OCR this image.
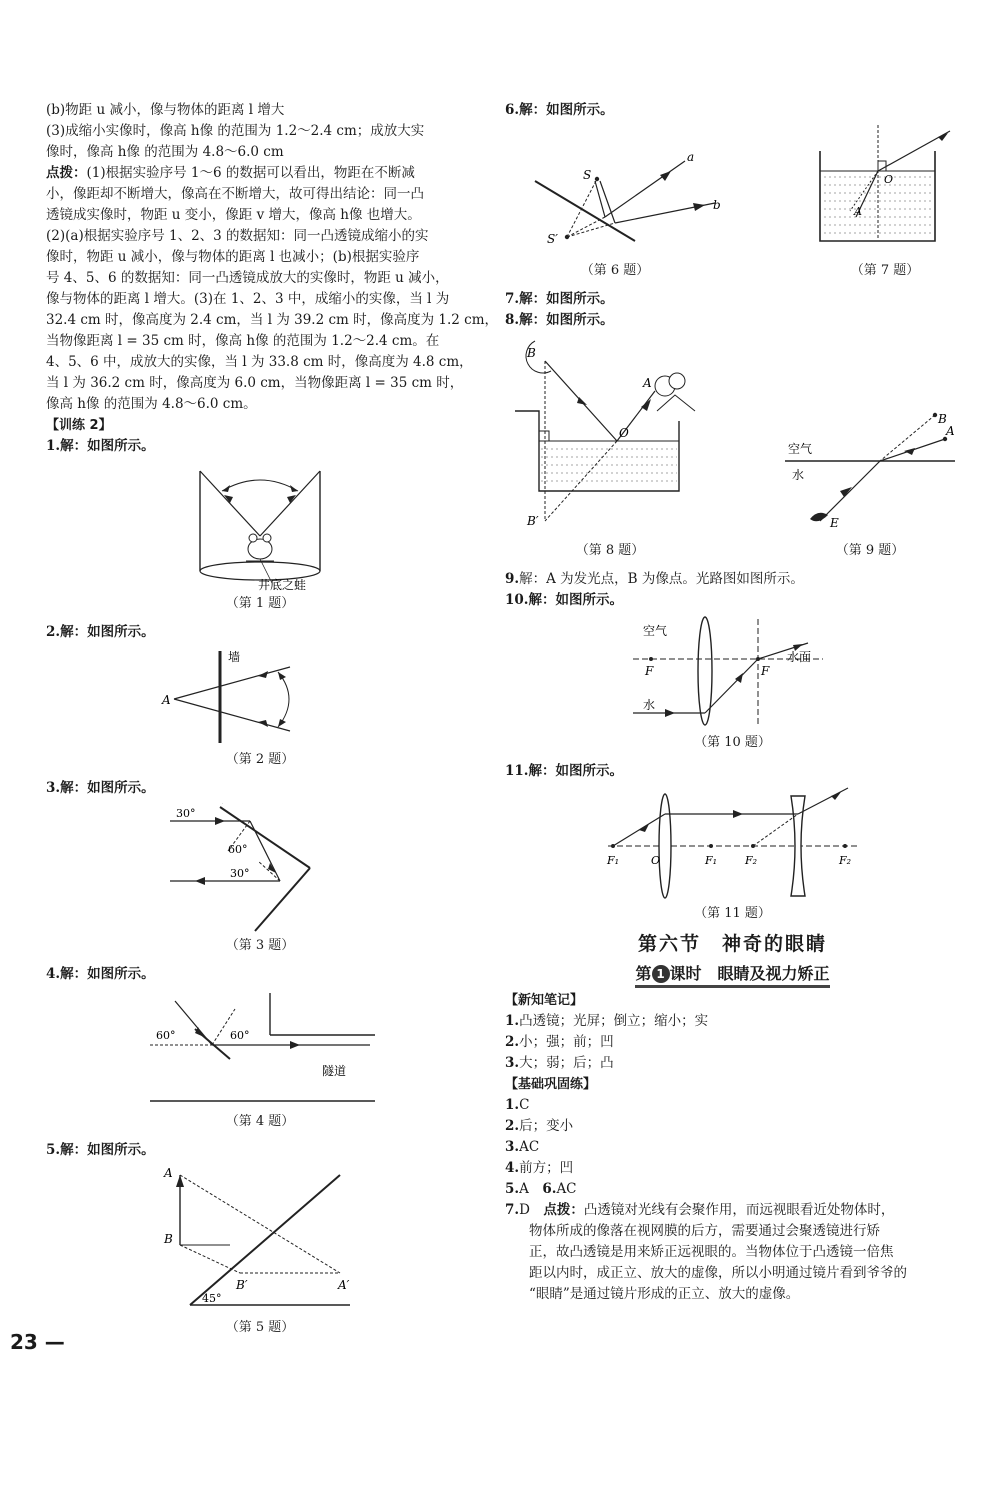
(b)物距 u 减小，像与物体的距离 l 增大
(3)成缩小实像时，像高 h像 的范围为 1.2～2.4 cm；成放大实
像时，像高 h像 的范围为 4.8～6.0 cm
点拨：(1)根据实验序号 1～6 的数据可以看出，物距在不断减
小，像距却不断增大，像高在不断增大，故可得出结论：同一凸
透镜成实像时，物距 u 变小，像距 v 增大，像高 h像 也增大。
(2)(a)根据实验序号 1、2、3 的数据知：同一凸透镜成缩小的实
像时，物距 u 减小，像与物体的距离 l 也减小；(b)根据实验序
号 4、5、6 的数据知：同一凸透镜成放大的实像时，物距 u 减小，
像与物体的距离 l 增大。(3)在 1、2、3 中，成缩小的实像，当 l 为
32.4 cm 时，像高度为 2.4 cm，当 l 为 39.2 cm 时，像高度为 1.2 cm，
当物像距离 l = 35 cm 时，像高 h像 的范围为 1.2～2.4 cm。在
4、5、6 中，成放大的实像，当 l 为 33.8 cm 时，像高度为 4.8 cm，
当 l 为 36.2 cm 时，像高度为 6.0 cm，当物像距离 l = 35 cm 时，
像高 h像 的范围为 4.8～6.0 cm。
【训练 2】
1.解：如图所示。
井底之蛙
（第 1 题）
2.解：如图所示。
墙
A
（第 2 题）
3.解：如图所示。
30°
60°
30°
（第 3 题）
4.解：如图所示。
60°	60°
隧道
（第 4 题）
5.解：如图所示。
A
B
B′	A′
45°
（第 5 题）
6.解：如图所示。
S
S′
a
b
（第 6 题）
O
A
（第 7 题）
7.解：如图所示。
8.解：如图所示。
B
A
O
B′
（第 8 题）
空气
水
B
A
E
（第 9 题）
9.解：A 为发光点，B 为像点。光路图如图所示。
10.解：如图所示。
空气
F	F
水面
水
（第 10 题）
11.解：如图所示。
F₁	O	F₁	F₂	F₂
（第 11 题）
第六节　神奇的眼睛
第 1 课时　眼睛及视力矫正
【新知笔记】
1.凸透镜；光屏；倒立；缩小；实
2.小；强；前；凹
3.大；弱；后；凸
【基础巩固练】
1.C
2.后；变小
3.AC
4.前方；凹
5.A　6.AC
7.D　点拨：凸透镜对光线有会聚作用，而远视眼看近处物体时，
物体所成的像落在视网膜的后方，需要通过会聚透镜进行矫
正，故凸透镜是用来矫正远视眼的。当物体位于凸透镜一倍焦
距以内时，成正立、放大的虚像，所以小明通过镜片看到爷爷的
“眼睛”是通过镜片形成的正立、放大的虚像。
23 —
